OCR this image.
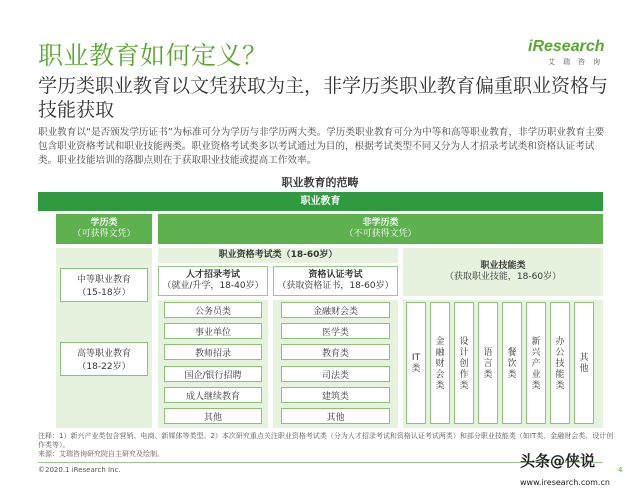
职业教育如何定义？	iResearch
艾瑞咨询
学历类职业教育以文凭获取为主，非学历类职业教育偏重职业资格与技能获取
职业教育以“是否颁发学历证书”为标准可分为学历与非学历两大类。学历类职业教育可分为中等和高等职业教育，非学历职业教育主要包含职业资格考试和职业技能两类。职业资格考试类多以考试通过为目的，根据考试类型不同又分为人才招录考试类和资格认证考试类。职业技能培训的落脚点则在于获取职业技能或提高工作效率。
职业教育的范畴
职业教育
学历类
（可获得文凭）
中等职业教育
（15-18岁）
高等职业教育
（18-22岁）
非学历类
（不可获得文凭）
职业资格考试类（18-60岁）
人才招录考试
（就业/升学，18-40岁）
资格认证考试
（获取资格证书，18-60岁）
公务员类
事业单位
教师招录
国企/银行招聘
成人继续教育
其他
金融财会类
医学类
教育类
司法类
建筑类
其他
职业技能类
（获取职业技能，18-60岁）
IT类
金融财会类
设计创作类
语言类
餐饮类
新兴产业类
办公技能类
其他
注释：1）新兴产业类包含营销、电商、新媒体等类型。2）本次研究重点关注职业资格考试类（分为人才招录考试和资格认证考试两类）和部分职业技能类（如IT类、金融财会类、设计创作类等）。
来源：艾瑞咨询研究院自主研究及绘制。
©2020.1 iResearch Inc.	头条@侠说
www.iresearch.com.cn
4
